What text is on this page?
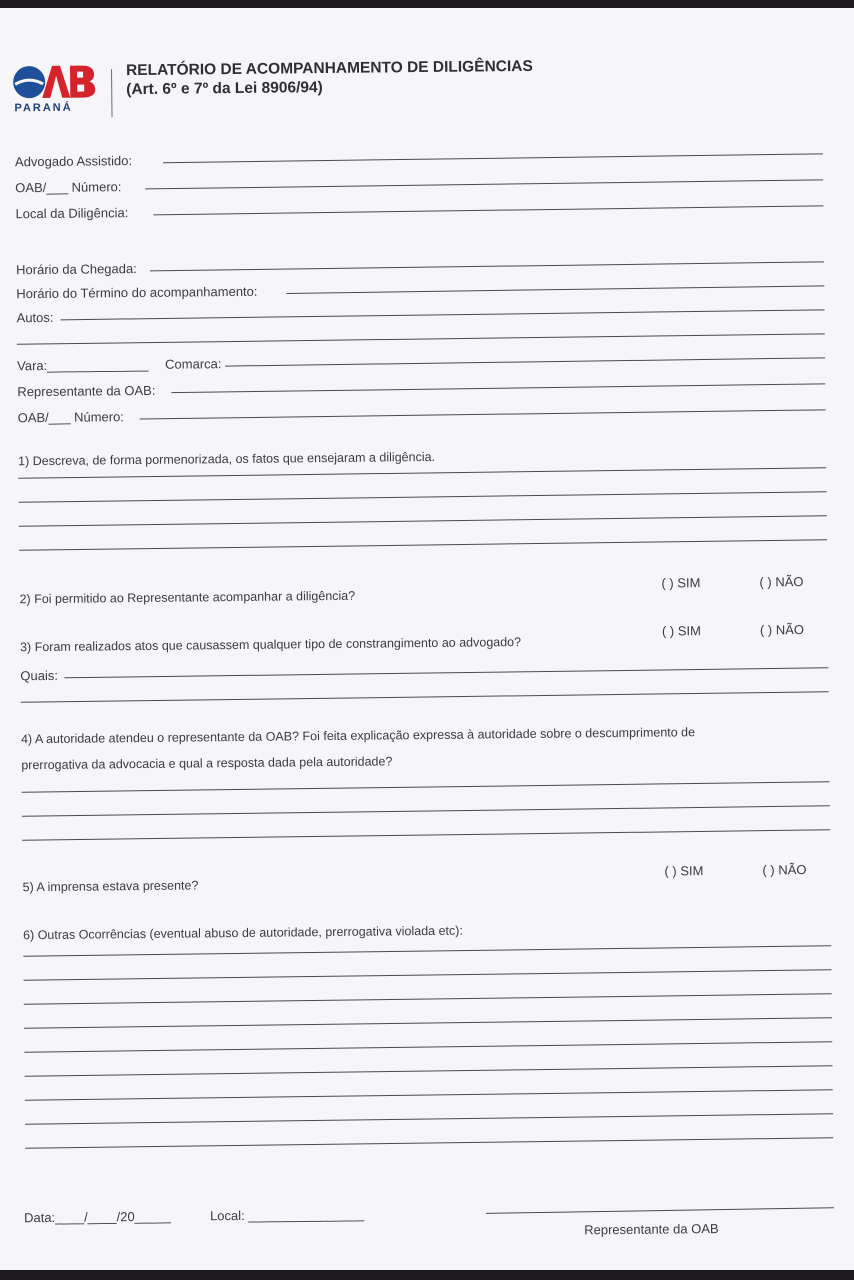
PARANÁ
RELATÓRIO DE ACOMPANHAMENTO DE DILIGÊNCIAS
(Art. 6º e 7º da Lei 8906/94)
Advogado Assistido:
OAB/___ Número:
Local da Diligência:
Horário da Chegada:
Horário do Término do acompanhamento:
Autos:
Vara:______________ Comarca:
Representante da OAB:
OAB/___ Número:
1) Descreva, de forma pormenorizada, os fatos que ensejaram a diligência.
2) Foi permitido ao Representante acompanhar a diligência?
( ) SIM	( ) NÃO
3) Foram realizados atos que causassem qualquer tipo de constrangimento ao advogado?
( ) SIM	( ) NÃO
Quais:
4) A autoridade atendeu o representante da OAB? Foi feita explicação expressa à autoridade sobre o descumprimento de
prerrogativa da advocacia e qual a resposta dada pela autoridade?
5) A imprensa estava presente?
( ) SIM	( ) NÃO
6) Outras Ocorrências (eventual abuso de autoridade, prerrogativa violada etc):
Data:____/____/20_____	Local: ________________
Representante da OAB
